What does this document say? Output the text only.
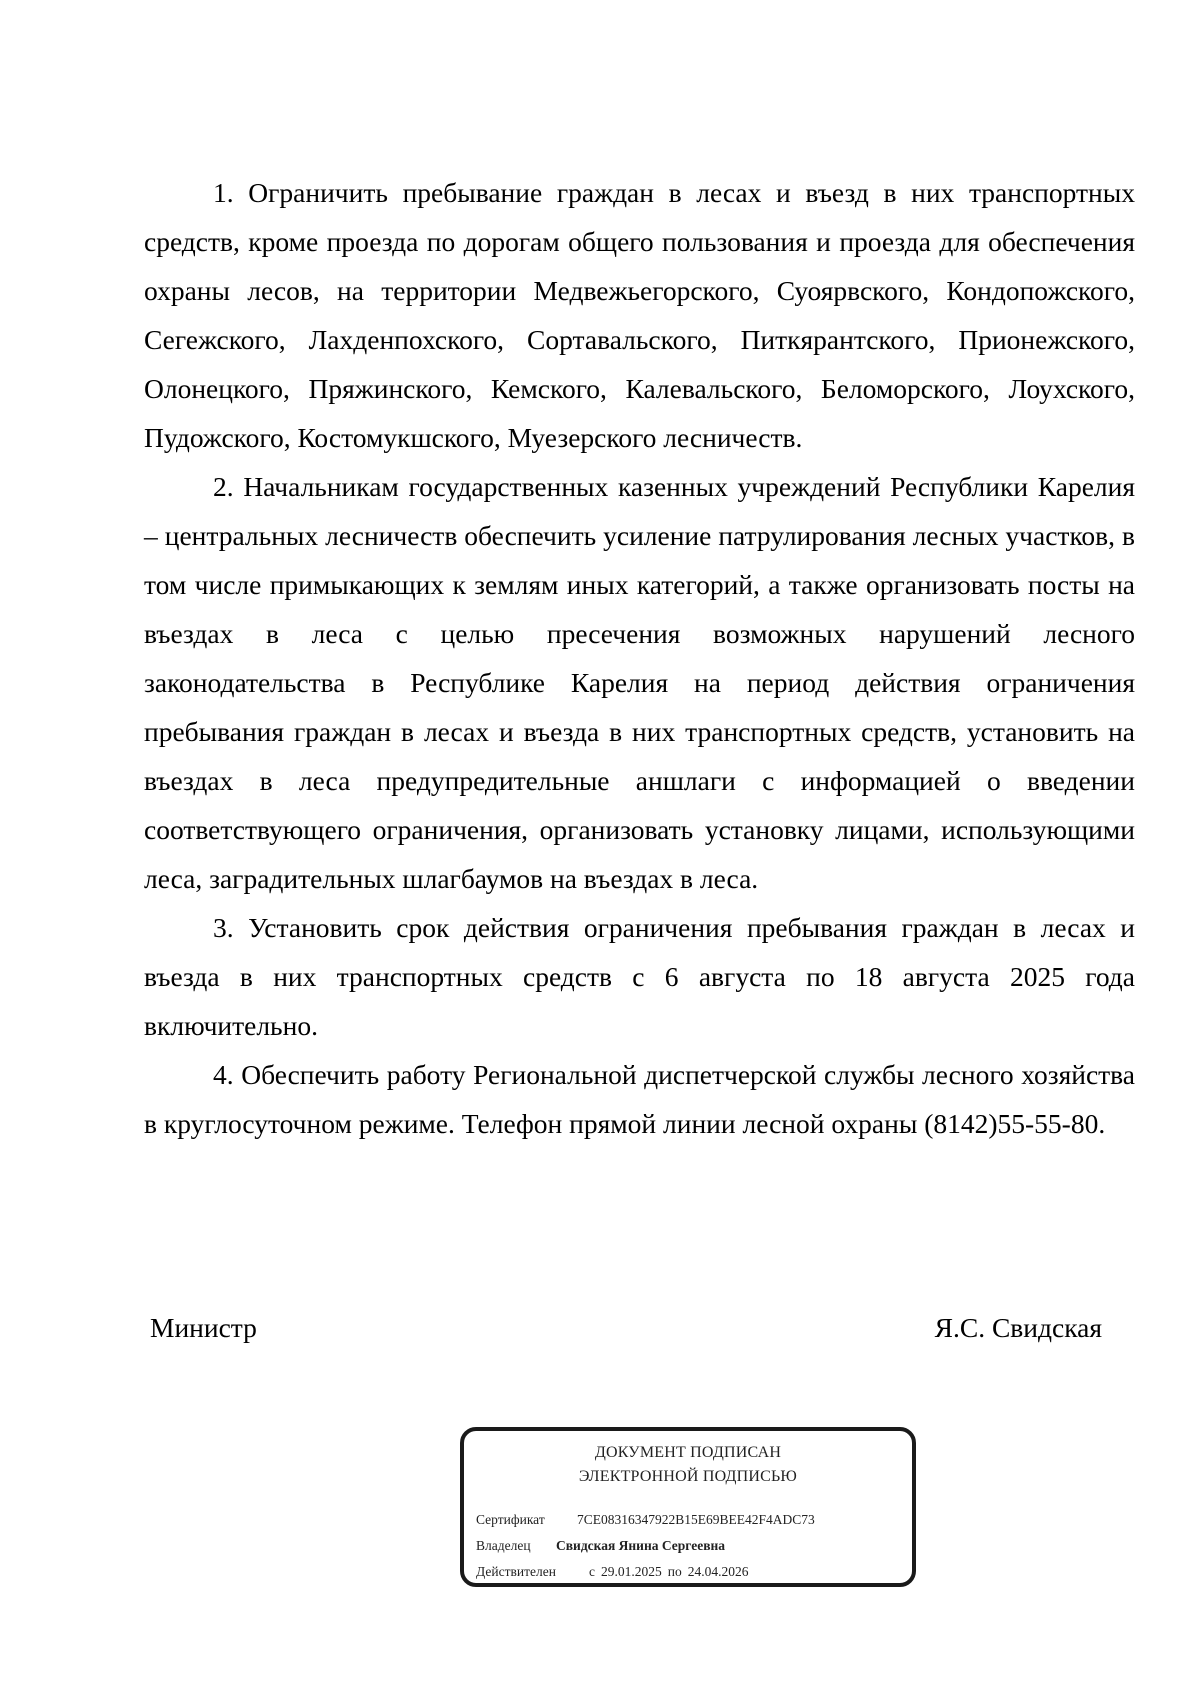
1. Ограничить пребывание граждан в лесах и въезд в них транспортных средств, кроме проезда по дорогам общего пользования и проезда для обеспечения охраны лесов, на территории Медвежьегорского, Суоярвского, Кондопожского, Сегежского, Лахденпохского, Сортавальского, Питкярантского, Прионежского, Олонецкого, Пряжинского, Кемского, Калевальского, Беломорского, Лоухского, Пудожского, Костомукшского, Муезерского лесничеств.

2. Начальникам государственных казенных учреждений Республики Карелия – центральных лесничеств обеспечить усиление патрулирования лесных участков, в том числе примыкающих к землям иных категорий, а также организовать посты на въездах в леса с целью пресечения возможных нарушений лесного законодательства в Республике Карелия на период действия ограничения пребывания граждан в лесах и въезда в них транспортных средств, установить на въездах в леса предупредительные аншлаги с информацией о введении соответствующего ограничения, организовать установку лицами, использующими леса, заградительных шлагбаумов на въездах в леса.

3. Установить срок действия ограничения пребывания граждан в лесах и въезда в них транспортных средств с 6 августа по 18 августа 2025 года включительно.

4. Обеспечить работу Региональной диспетчерской службы лесного хозяйства в круглосуточном режиме. Телефон прямой линии лесной охраны (8142)55-55-80.

Министр	Я.С. Свидская
ДОКУМЕНТ ПОДПИСАН
ЭЛЕКТРОННОЙ ПОДПИСЬЮ
Сертификат	7CE08316347922B15E69BEE42F4ADC73
Владелец	Свидская Янина Сергеевна
Действителен	с 29.01.2025 по 24.04.2026
